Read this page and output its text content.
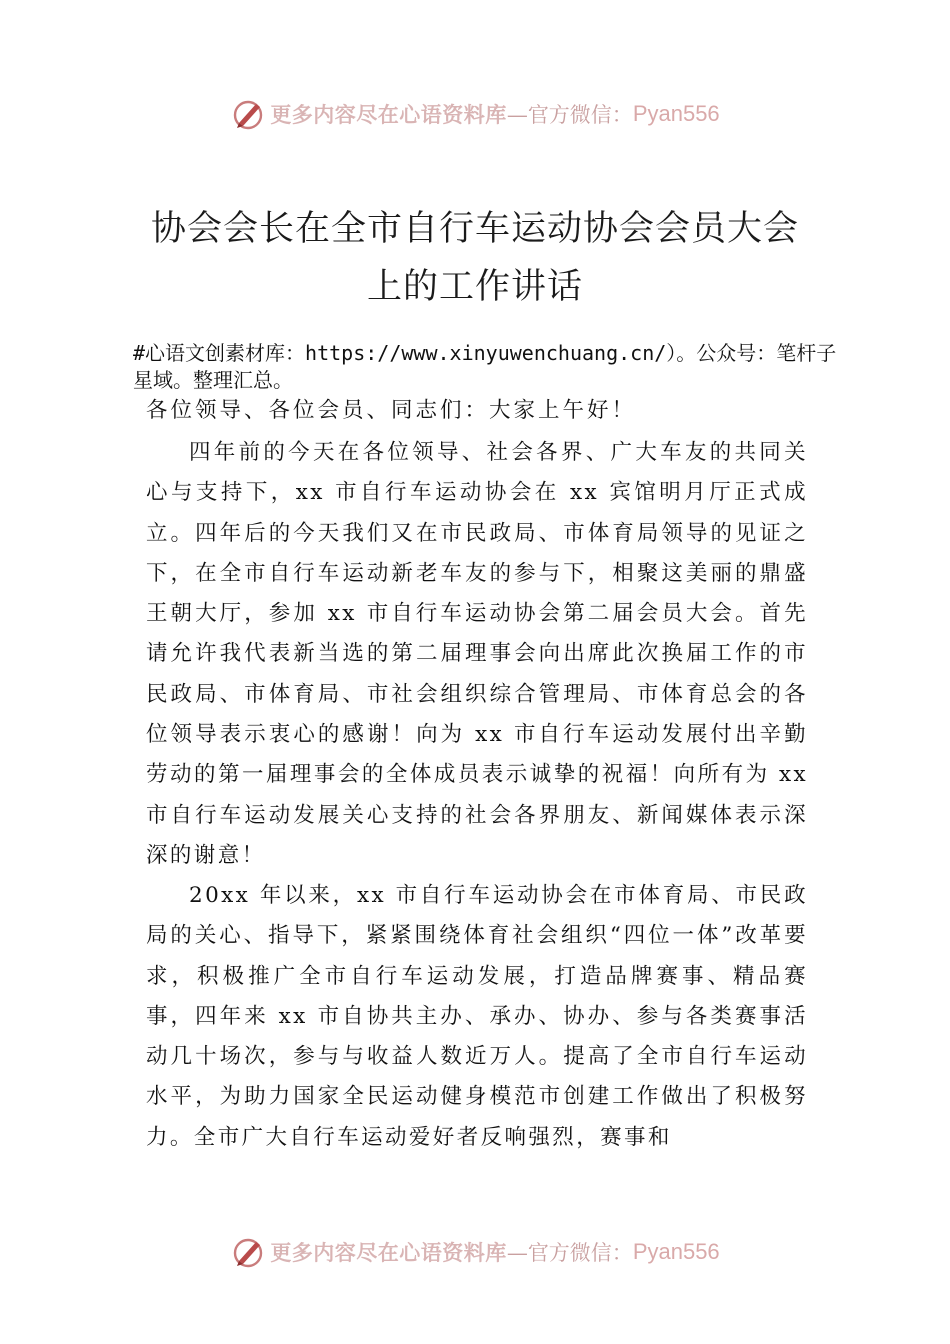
更多内容尽在心语资料库 —官方微信： Pyan556
协会会长在全市自行车运动协会会员大会
上的工作讲话
#心语文创素材库：https://www.xinyuwenchuang.cn/）。公众号：笔杆子星域。整理汇总。
各位领导、各位会员、同志们：大家上午好！

四年前的今天在各位领导、社会各界、广大车友的共同关心与支持下，xx 市自行车运动协会在 xx 宾馆明月厅正式成立。四年后的今天我们又在市民政局、市体育局领导的见证之下，在全市自行车运动新老车友的参与下，相聚这美丽的鼎盛王朝大厅，参加 xx 市自行车运动协会第二届会员大会。首先请允许我代表新当选的第二届理事会向出席此次换届工作的市民政局、市体育局、市社会组织综合管理局、市体育总会的各位领导表示衷心的感谢！向为 xx 市自行车运动发展付出辛勤劳动的第一届理事会的全体成员表示诚挚的祝福！向所有为 xx 市自行车运动发展关心支持的社会各界朋友、新闻媒体表示深深的谢意！

20xx 年以来，xx 市自行车运动协会在市体育局、市民政局的关心、指导下，紧紧围绕体育社会组织“四位一体”改革要求，积极推广全市自行车运动发展，打造品牌赛事、精品赛事，四年来 xx 市自协共主办、承办、协办、参与各类赛事活动几十场次，参与与收益人数近万人。提高了全市自行车运动水平，为助力国家全民运动健身模范市创建工作做出了积极努力。全市广大自行车运动爱好者反响强烈，赛事和

更多内容尽在心语资料库 —官方微信： Pyan556
